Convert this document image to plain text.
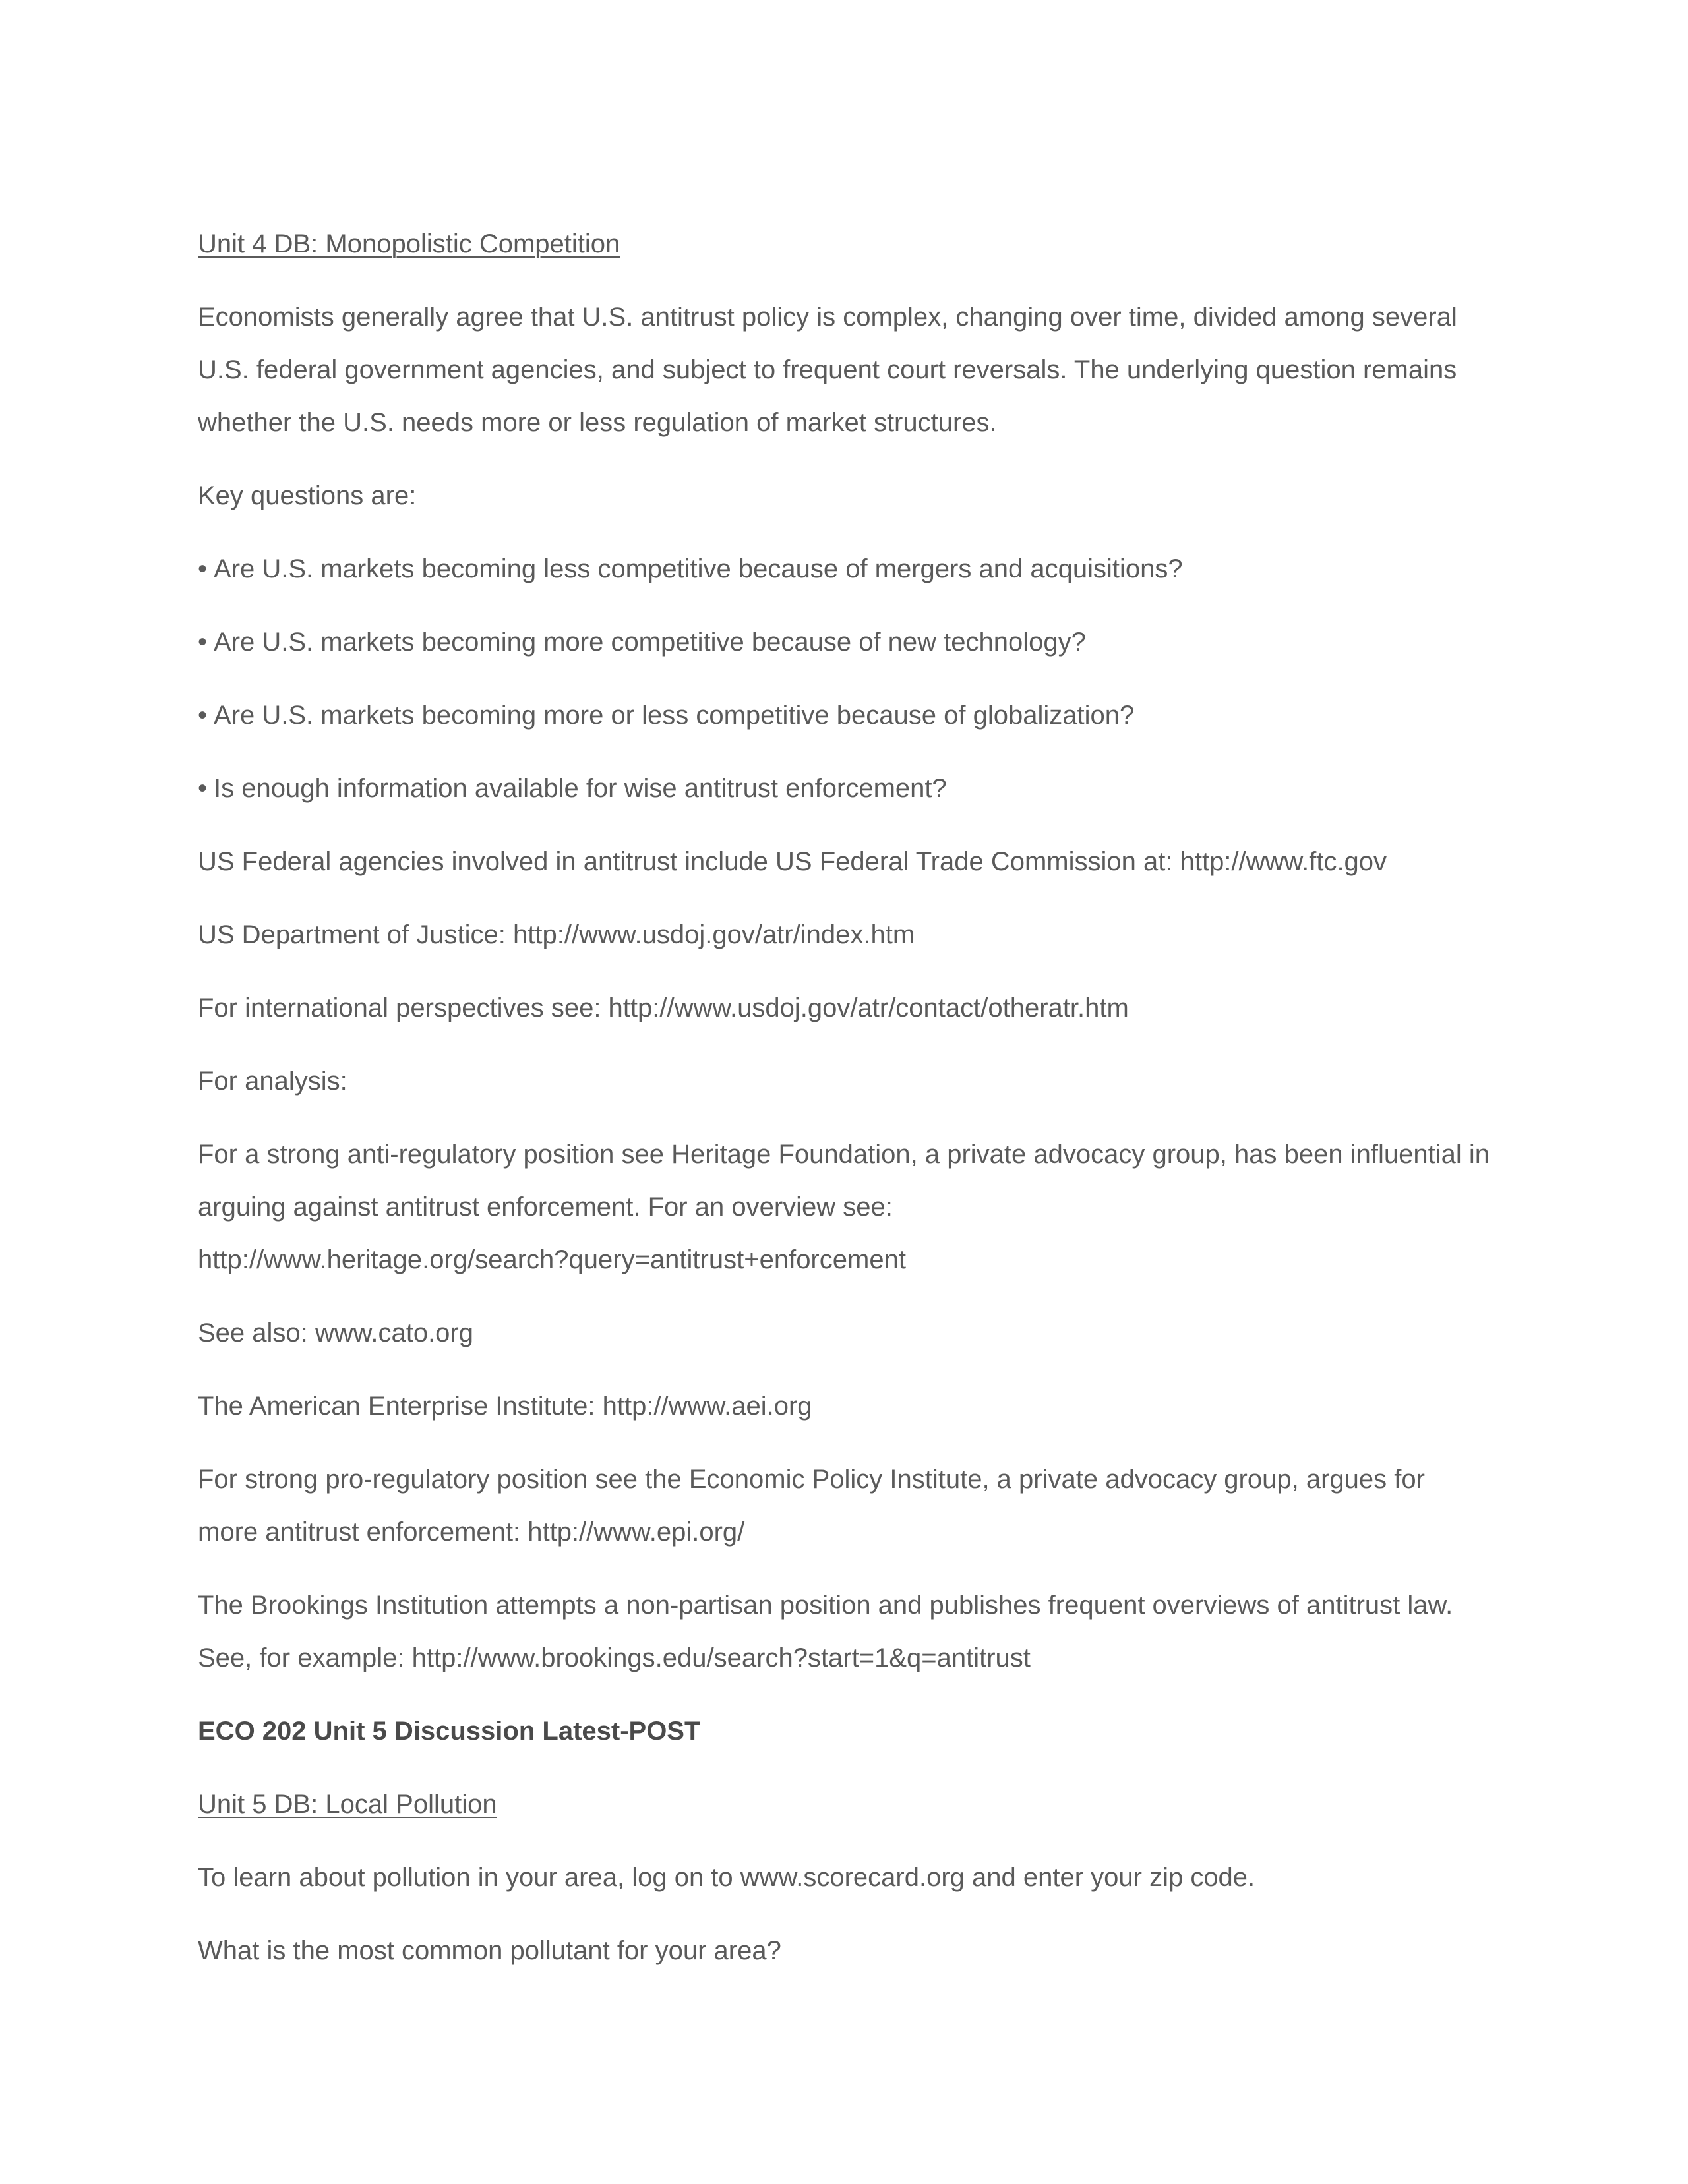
Unit 4 DB: Monopolistic Competition

Economists generally agree that U.S. antitrust policy is complex, changing over time, divided among several U.S. federal government agencies, and subject to frequent court reversals. The underlying question remains whether the U.S. needs more or less regulation of market structures.

Key questions are:

• Are U.S. markets becoming less competitive because of mergers and acquisitions?

• Are U.S. markets becoming more competitive because of new technology?

• Are U.S. markets becoming more or less competitive because of globalization?

• Is enough information available for wise antitrust enforcement?

US Federal agencies involved in antitrust include US Federal Trade Commission at: http://www.ftc.gov

US Department of Justice: http://www.usdoj.gov/atr/index.htm

For international perspectives see: http://www.usdoj.gov/atr/contact/otheratr.htm

For analysis:

For a strong anti-regulatory position see Heritage Foundation, a private advocacy group, has been influential in arguing against antitrust enforcement. For an overview see:
http://www.heritage.org/search?query=antitrust+enforcement

See also: www.cato.org

The American Enterprise Institute: http://www.aei.org

For strong pro-regulatory position see the Economic Policy Institute, a private advocacy group, argues for more antitrust enforcement: http://www.epi.org/

The Brookings Institution attempts a non-partisan position and publishes frequent overviews of antitrust law. See, for example: http://www.brookings.edu/search?start=1&q=antitrust

ECO 202 Unit 5 Discussion Latest-POST

Unit 5 DB: Local Pollution

To learn about pollution in your area, log on to www.scorecard.org and enter your zip code.

What is the most common pollutant for your area?
